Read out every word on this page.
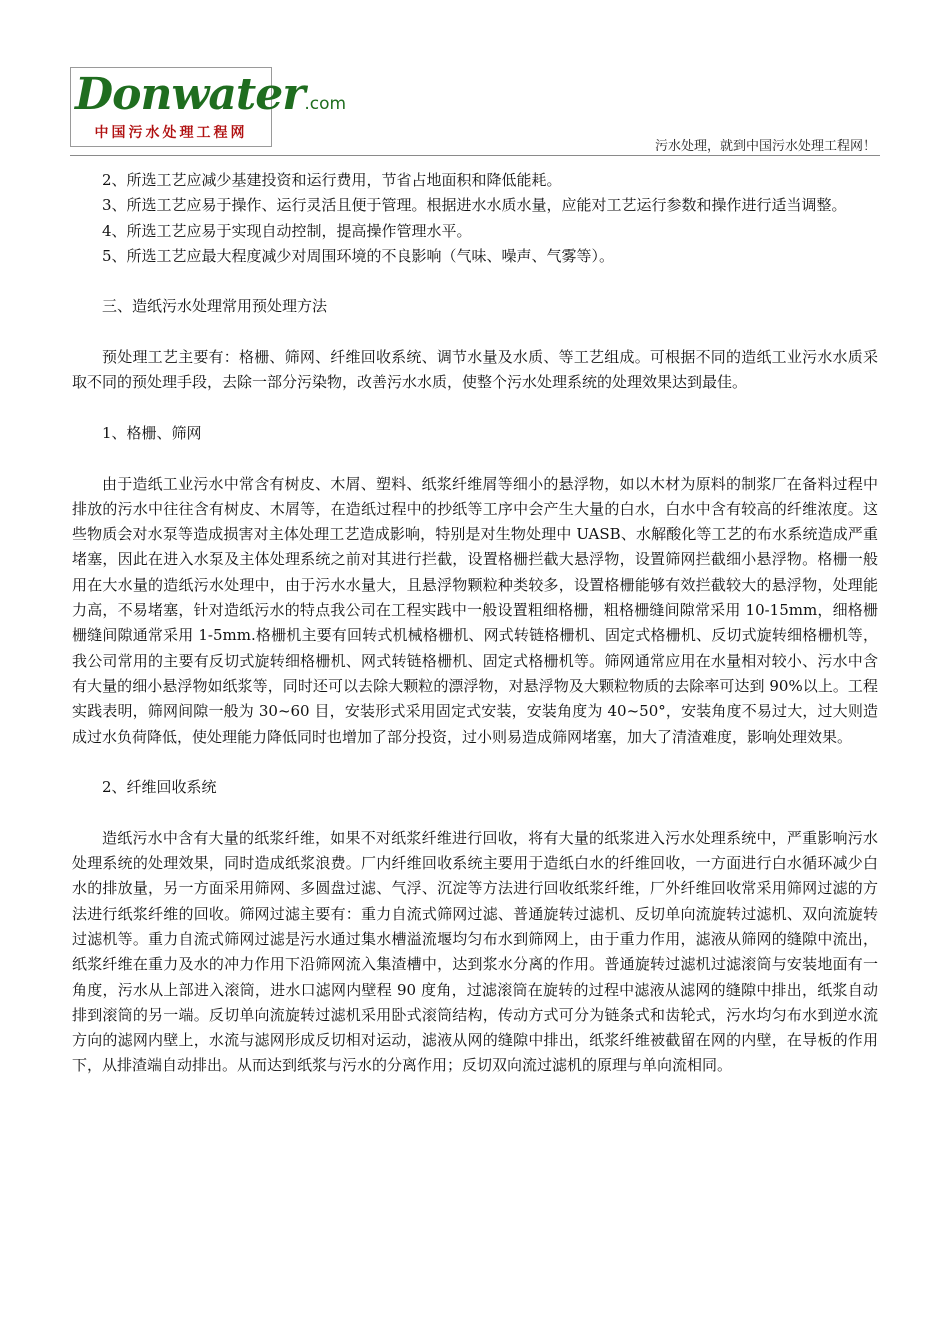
Donwater.com
中国污水处理工程网
污水处理，就到中国污水处理工程网！

2、所选工艺应减少基建投资和运行费用，节省占地面积和降低能耗。

3、所选工艺应易于操作、运行灵活且便于管理。根据进水水质水量，应能对工艺运行参数和操作进行适当调整。

4、所选工艺应易于实现自动控制，提高操作管理水平。

5、所选工艺应最大程度减少对周围环境的不良影响（气味、噪声、气雾等）。

三、造纸污水处理常用预处理方法

预处理工艺主要有：格栅、筛网、纤维回收系统、调节水量及水质、等工艺组成。可根据不同的造纸工业污水水质采取不同的预处理手段，去除一部分污染物，改善污水水质，使整个污水处理系统的处理效果达到最佳。

1、格栅、筛网

由于造纸工业污水中常含有树皮、木屑、塑料、纸浆纤维屑等细小的悬浮物，如以木材为原料的制浆厂在备料过程中排放的污水中往往含有树皮、木屑等，在造纸过程中的抄纸等工序中会产生大量的白水，白水中含有较高的纤维浓度。这些物质会对水泵等造成损害对主体处理工艺造成影响，特别是对生物处理中 UASB、水解酸化等工艺的布水系统造成严重堵塞，因此在进入水泵及主体处理系统之前对其进行拦截，设置格栅拦截大悬浮物，设置筛网拦截细小悬浮物。格栅一般用在大水量的造纸污水处理中，由于污水水量大，且悬浮物颗粒种类较多，设置格栅能够有效拦截较大的悬浮物，处理能力高，不易堵塞，针对造纸污水的特点我公司在工程实践中一般设置粗细格栅，粗格栅缝间隙常采用 10-15mm，细格栅栅缝间隙通常采用 1-5mm.格栅机主要有回转式机械格栅机、网式转链格栅机、固定式格栅机、反切式旋转细格栅机等，我公司常用的主要有反切式旋转细格栅机、网式转链格栅机、固定式格栅机等。筛网通常应用在水量相对较小、污水中含有大量的细小悬浮物如纸浆等，同时还可以去除大颗粒的漂浮物，对悬浮物及大颗粒物质的去除率可达到 90%以上。工程实践表明，筛网间隙一般为 30~60 目，安装形式采用固定式安装，安装角度为 40~50°，安装角度不易过大，过大则造成过水负荷降低，使处理能力降低同时也增加了部分投资，过小则易造成筛网堵塞，加大了清渣难度，影响处理效果。

2、纤维回收系统

造纸污水中含有大量的纸浆纤维，如果不对纸浆纤维进行回收，将有大量的纸浆进入污水处理系统中，严重影响污水处理系统的处理效果，同时造成纸浆浪费。厂内纤维回收系统主要用于造纸白水的纤维回收，一方面进行白水循环减少白水的排放量，另一方面采用筛网、多圆盘过滤、气浮、沉淀等方法进行回收纸浆纤维，厂外纤维回收常采用筛网过滤的方法进行纸浆纤维的回收。筛网过滤主要有：重力自流式筛网过滤、普通旋转过滤机、反切单向流旋转过滤机、双向流旋转过滤机等。重力自流式筛网过滤是污水通过集水槽溢流堰均匀布水到筛网上，由于重力作用，滤液从筛网的缝隙中流出，纸浆纤维在重力及水的冲力作用下沿筛网流入集渣槽中，达到浆水分离的作用。普通旋转过滤机过滤滚筒与安装地面有一角度，污水从上部进入滚筒，进水口滤网内壁程 90 度角，过滤滚筒在旋转的过程中滤液从滤网的缝隙中排出，纸浆自动排到滚筒的另一端。反切单向流旋转过滤机采用卧式滚筒结构，传动方式可分为链条式和齿轮式，污水均匀布水到逆水流方向的滤网内壁上，水流与滤网形成反切相对运动，滤液从网的缝隙中排出，纸浆纤维被截留在网的内壁，在导板的作用下，从排渣端自动排出。从而达到纸浆与污水的分离作用；反切双向流过滤机的原理与单向流相同。
